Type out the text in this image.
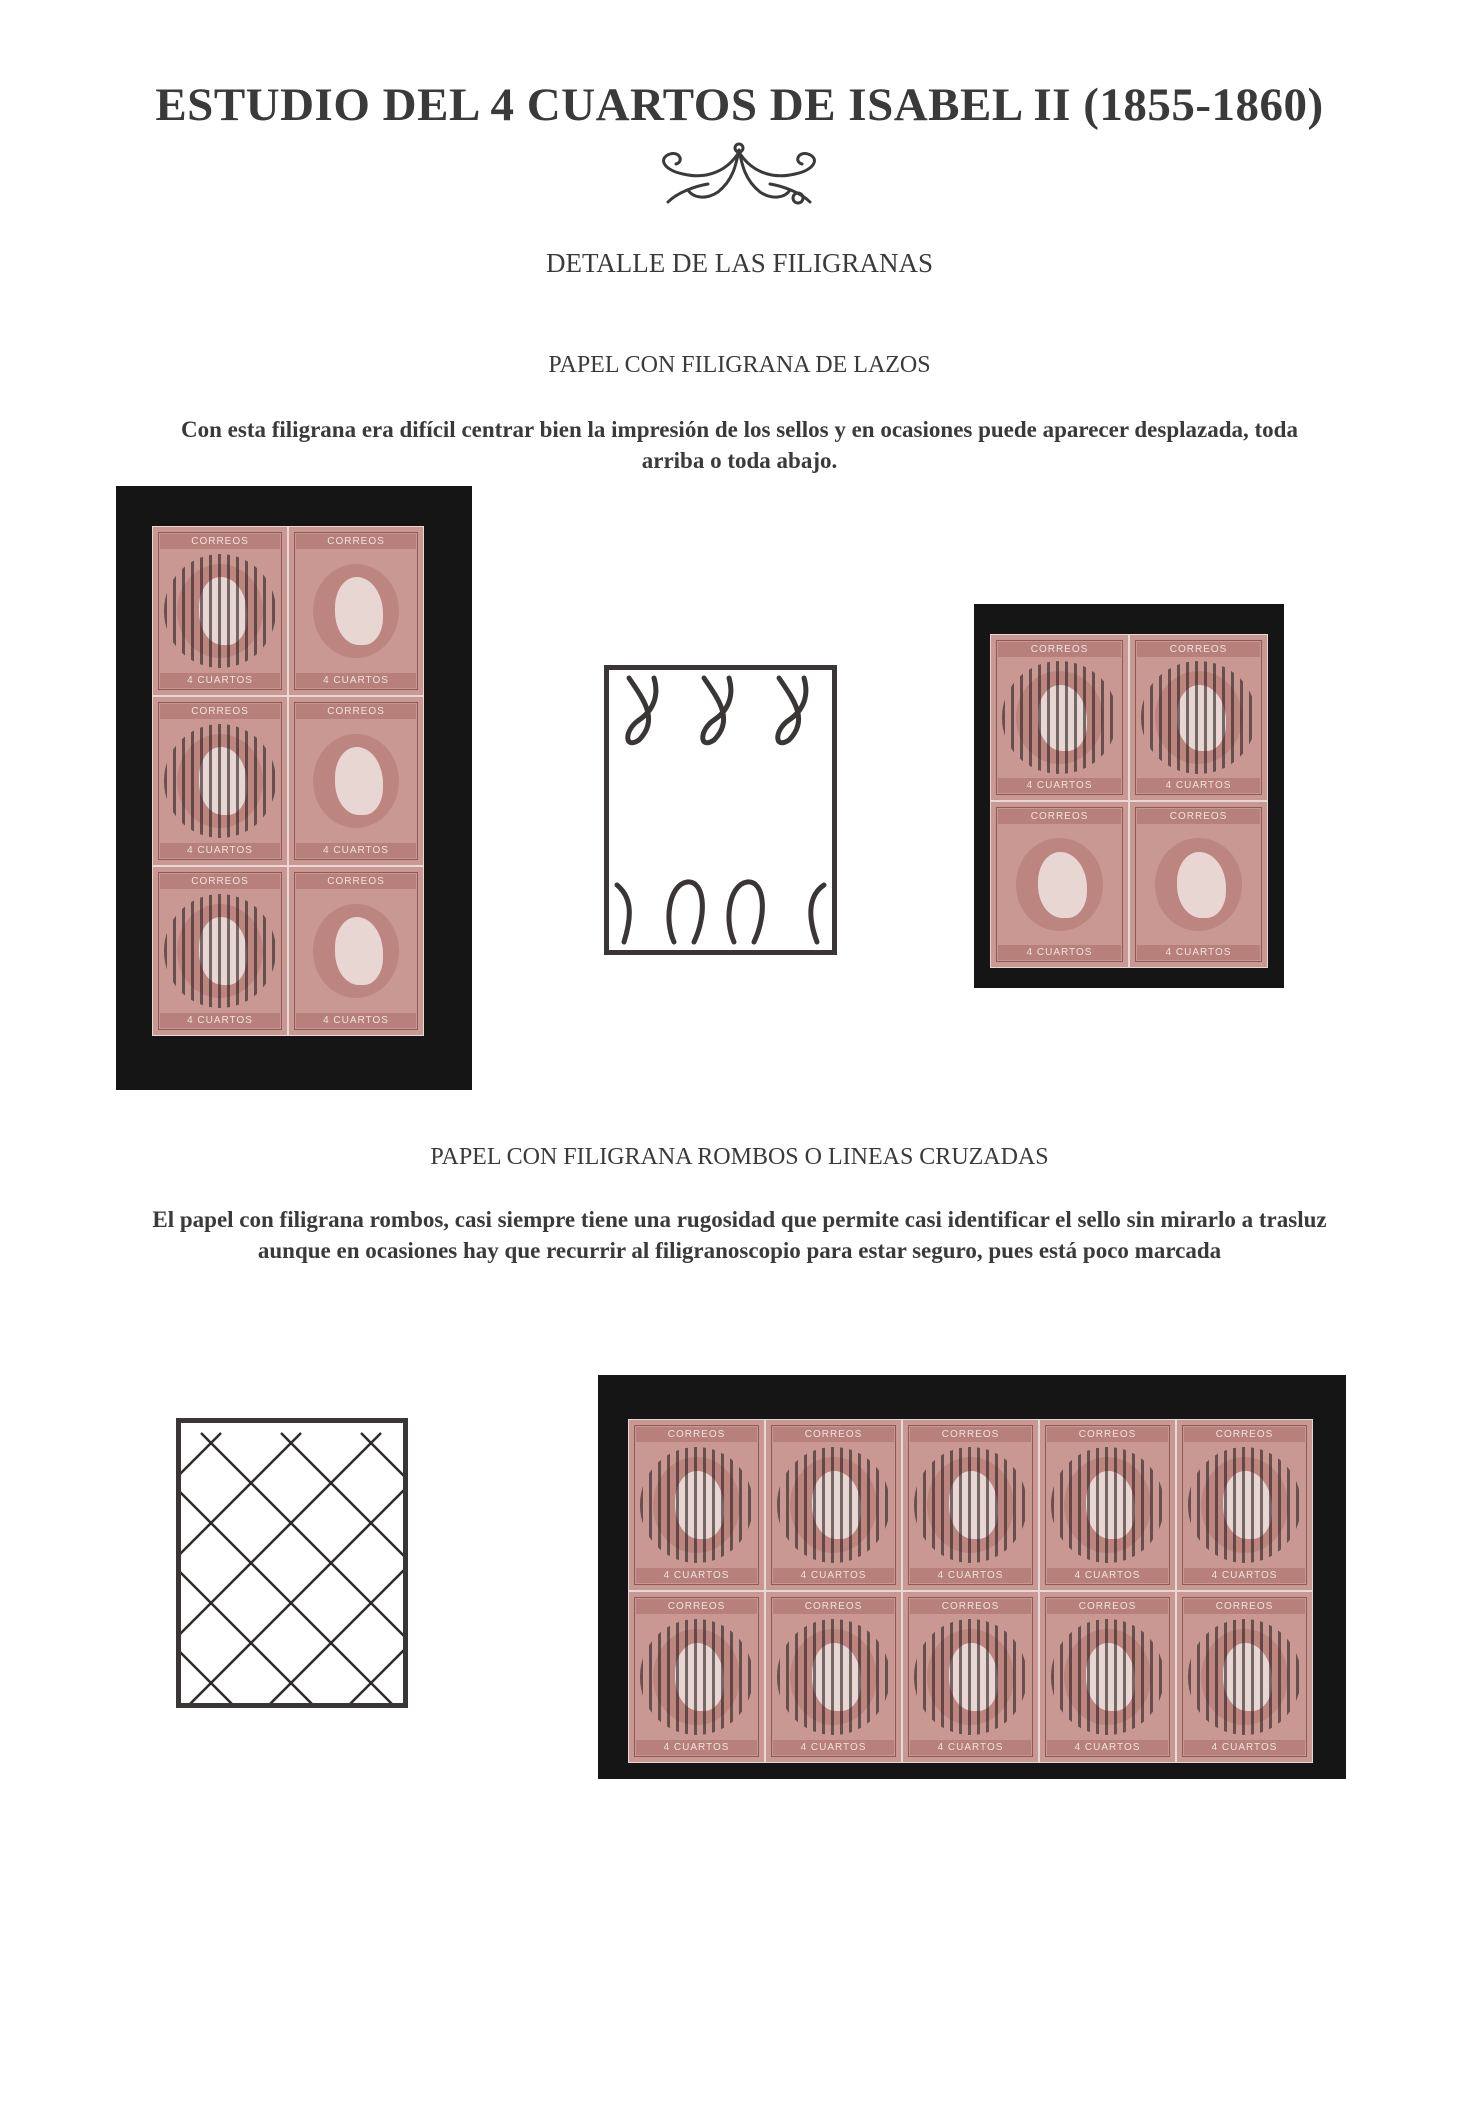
ESTUDIO DEL 4 CUARTOS DE ISABEL II (1855-1860)
DETALLE DE LAS FILIGRANAS
PAPEL CON FILIGRANA DE LAZOS
Con esta filigrana era difícil centrar bien la impresión de los sellos y en ocasiones puede aparecer desplazada, toda arriba o toda abajo.
CORREOS
4 CUARTOS
CORREOS
4 CUARTOS
CORREOS
4 CUARTOS
CORREOS
4 CUARTOS
CORREOS
4 CUARTOS
CORREOS
4 CUARTOS
CORREOS
4 CUARTOS
CORREOS
4 CUARTOS
CORREOS
4 CUARTOS
CORREOS
4 CUARTOS
PAPEL CON FILIGRANA ROMBOS O LINEAS CRUZADAS
El papel con filigrana rombos, casi siempre tiene una rugosidad que permite casi identificar el sello sin mirarlo a trasluz aunque en ocasiones hay que recurrir al filigranoscopio para estar seguro, pues está poco marcada
CORREOS
4 CUARTOS
CORREOS
4 CUARTOS
CORREOS
4 CUARTOS
CORREOS
4 CUARTOS
CORREOS
4 CUARTOS
CORREOS
4 CUARTOS
CORREOS
4 CUARTOS
CORREOS
4 CUARTOS
CORREOS
4 CUARTOS
CORREOS
4 CUARTOS
